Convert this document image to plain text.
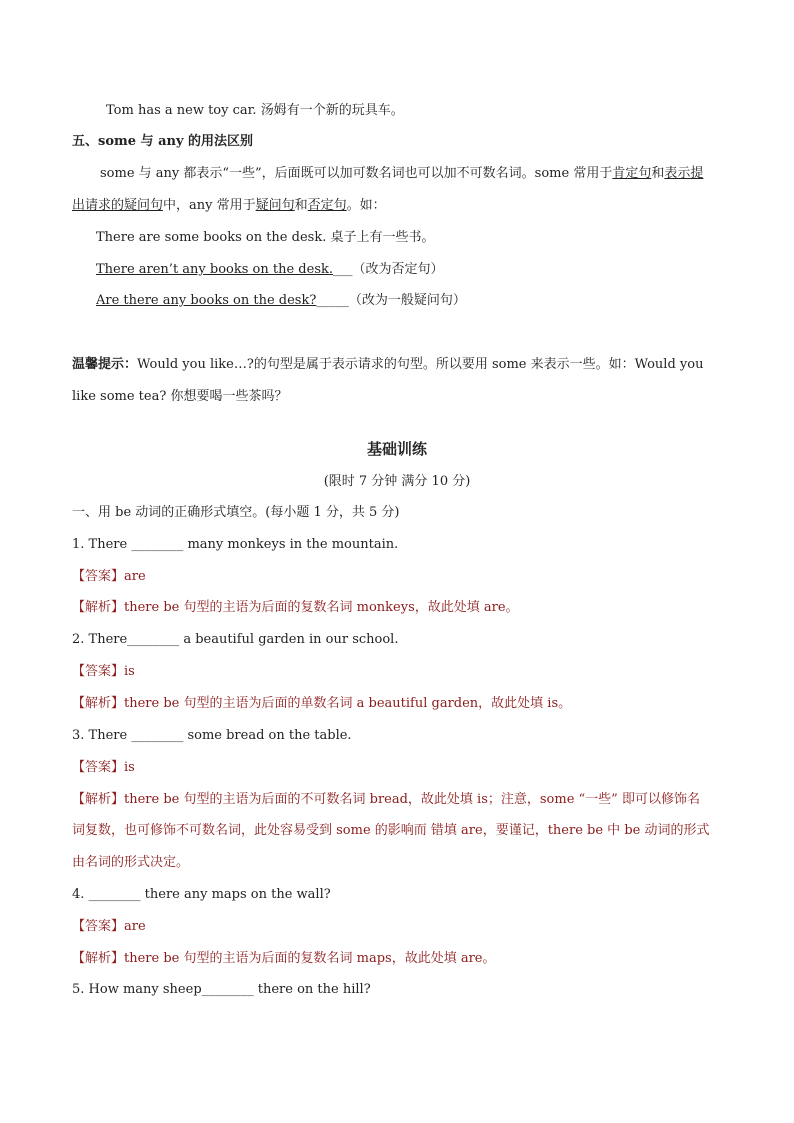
Tom has a new toy car. 汤姆有一个新的玩具车。
五、some 与 any 的用法区别
some 与 any 都表示“一些”，后面既可以加可数名词也可以加不可数名词。some 常用于肯定句和表示提
出请求的疑问句中，any 常用于疑问句和否定句。如：
There are some books on the desk. 桌子上有一些书。
There aren’t any books on the desk.___（改为否定句）
Are there any books on the desk?_____（改为一般疑问句）
温馨提示：Would you like…?的句型是属于表示请求的句型。所以要用 some 来表示一些。如：Would you
like some tea? 你想要喝一些茶吗？
基础训练
(限时 7 分钟 满分 10 分)
一、用 be 动词的正确形式填空。(每小题 1 分，共 5 分)
1. There ________ many monkeys in the mountain.
【答案】are
【解析】there be 句型的主语为后面的复数名词 monkeys，故此处填 are。
2. There________ a beautiful garden in our school.
【答案】is
【解析】there be 句型的主语为后面的单数名词 a beautiful garden，故此处填 is。
3. There ________ some bread on the table.
【答案】is
【解析】there be 句型的主语为后面的不可数名词 bread，故此处填 is；注意，some “一些” 即可以修饰名
词复数，也可修饰不可数名词，此处容易受到 some 的影响而 错填 are，要谨记，there be 中 be 动词的形式
由名词的形式决定。
4. ________ there any maps on the wall?
【答案】are
【解析】there be 句型的主语为后面的复数名词 maps，故此处填 are。
5. How many sheep________ there on the hill?
